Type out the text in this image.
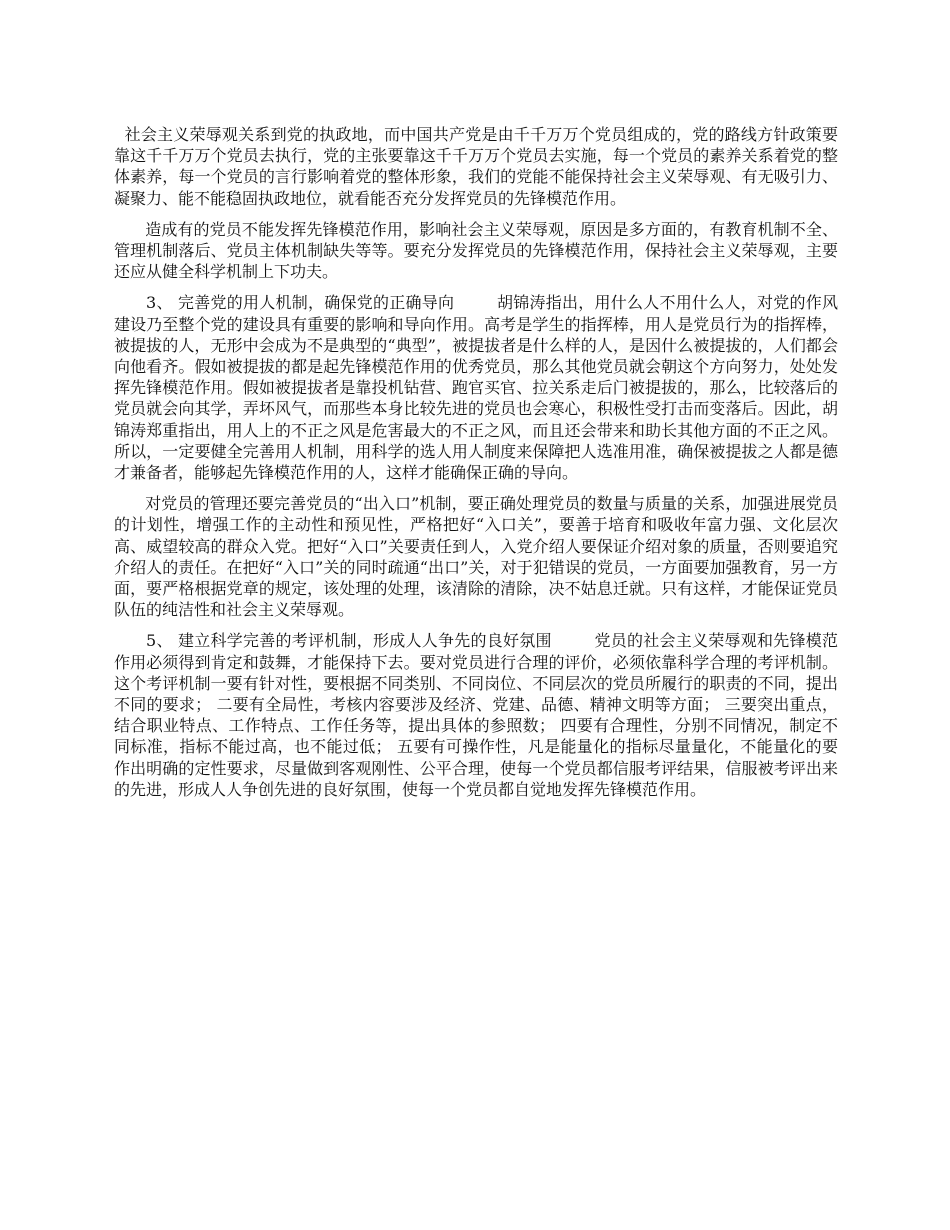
社会主义荣辱观关系到党的执政地，而中国共产党是由千千万万个党员组成的，党的路线方针政策要靠这千千万万个党员去执行，党的主张要靠这千千万万个党员去实施，每一个党员的素养关系着党的整体素养，每一个党员的言行影响着党的整体形象，我们的党能不能保持社会主义荣辱观、有无吸引力、凝聚力、能不能稳固执政地位，就看能否充分发挥党员的先锋模范作用。

造成有的党员不能发挥先锋模范作用，影响社会主义荣辱观，原因是多方面的，有教育机制不全、管理机制落后、党员主体机制缺失等等。要充分发挥党员的先锋模范作用，保持社会主义荣辱观，主要还应从健全科学机制上下功夫。

3、 完善党的用人机制，确保党的正确导向        胡锦涛指出，用什么人不用什么人，对党的作风建设乃至整个党的建设具有重要的影响和导向作用。高考是学生的指挥棒，用人是党员行为的指挥棒，被提拔的人，无形中会成为不是典型的“典型”，被提拔者是什么样的人，是因什么被提拔的，人们都会向他看齐。假如被提拔的都是起先锋模范作用的优秀党员，那么其他党员就会朝这个方向努力，处处发挥先锋模范作用。假如被提拔者是靠投机钻营、跑官买官、拉关系走后门被提拔的，那么，比较落后的党员就会向其学，弄坏风气，而那些本身比较先进的党员也会寒心，积极性受打击而变落后。因此，胡锦涛郑重指出，用人上的不正之风是危害最大的不正之风，而且还会带来和助长其他方面的不正之风。所以，一定要健全完善用人机制，用科学的选人用人制度来保障把人选准用准，确保被提拔之人都是德才兼备者，能够起先锋模范作用的人，这样才能确保正确的导向。

对党员的管理还要完善党员的“出入口”机制，要正确处理党员的数量与质量的关系，加强进展党员的计划性，增强工作的主动性和预见性，严格把好“入口关”，要善于培育和吸收年富力强、文化层次高、威望较高的群众入党。把好“入口”关要责任到人，入党介绍人要保证介绍对象的质量，否则要追究介绍人的责任。在把好“入口”关的同时疏通“出口”关，对于犯错误的党员，一方面要加强教育，另一方面，要严格根据党章的规定，该处理的处理，该清除的清除，决不姑息迁就。只有这样，才能保证党员队伍的纯洁性和社会主义荣辱观。

5、 建立科学完善的考评机制，形成人人争先的良好氛围        党员的社会主义荣辱观和先锋模范作用必须得到肯定和鼓舞，才能保持下去。要对党员进行合理的评价，必须依靠科学合理的考评机制。这个考评机制一要有针对性，要根据不同类别、不同岗位、不同层次的党员所履行的职责的不同，提出不同的要求； 二要有全局性，考核内容要涉及经济、党建、品德、精神文明等方面； 三要突出重点，结合职业特点、工作特点、工作任务等，提出具体的参照数； 四要有合理性，分别不同情况，制定不同标准，指标不能过高，也不能过低； 五要有可操作性，凡是能量化的指标尽量量化，不能量化的要作出明确的定性要求，尽量做到客观刚性、公平合理，使每一个党员都信服考评结果，信服被考评出来的先进，形成人人争创先进的良好氛围，使每一个党员都自觉地发挥先锋模范作用。
